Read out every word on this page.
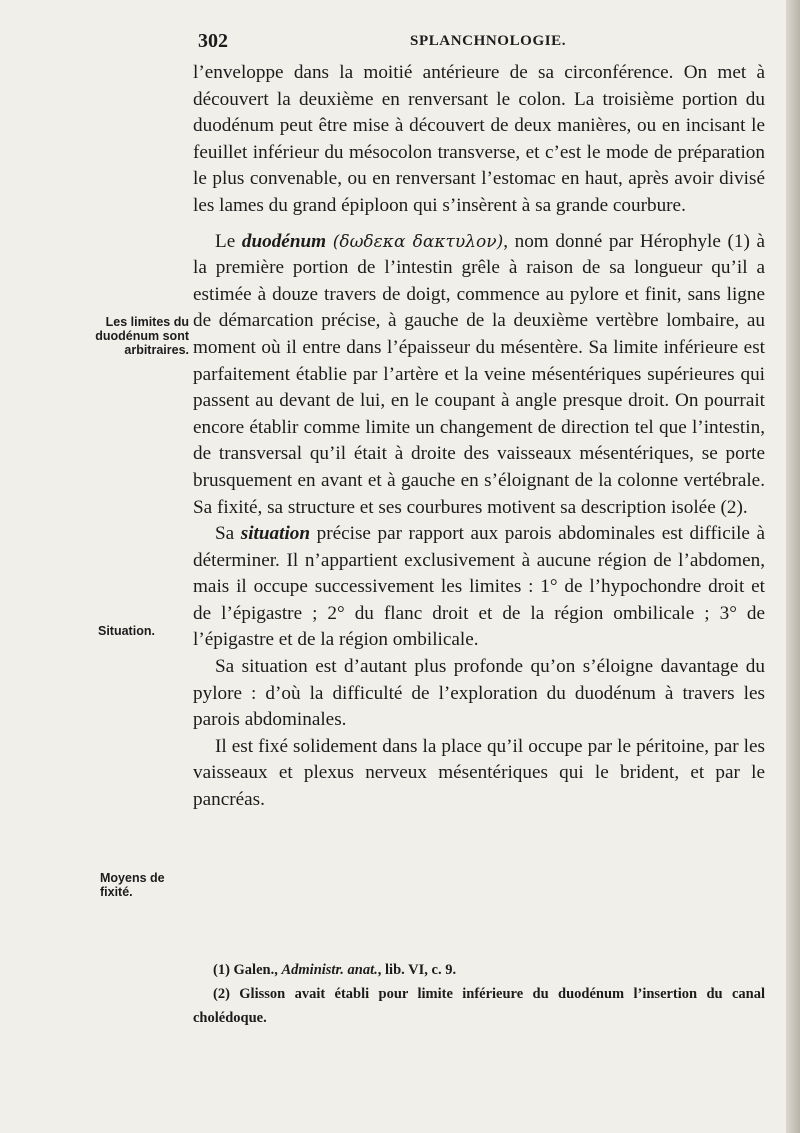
302	SPLANCHNOLOGIE.

l’enveloppe dans la moitié antérieure de sa circonférence. On met à découvert la deuxième en renversant le colon. La troisième portion du duodénum peut être mise à découvert de deux manières, ou en incisant le feuillet inférieur du mésocolon transverse, et c’est le mode de préparation le plus convenable, ou en renversant l’estomac en haut, après avoir divisé les lames du grand épiploon qui s’insèrent à sa grande courbure.

Le duodénum (δωδεκα δακτυλον), nom donné par Hérophyle (1) à la première portion de l’intestin grêle à raison de sa longueur qu’il a estimée à douze travers de doigt, commence au pylore et finit, sans ligne de démarcation précise, à gauche de la deuxième vertèbre lombaire, au moment où il entre dans l’épaisseur du mésentère. Sa limite inférieure est parfaitement établie par l’artère et la veine mésentériques supérieures qui passent au devant de lui, en le coupant à angle presque droit. On pourrait encore établir comme limite un changement de direction tel que l’intestin, de transversal qu’il était à droite des vaisseaux mésentériques, se porte brusquement en avant et à gauche en s’éloignant de la colonne vertébrale. Sa fixité, sa structure et ses courbures motivent sa description isolée (2).

Sa situation précise par rapport aux parois abdominales est difficile à déterminer. Il n’appartient exclusivement à aucune région de l’abdomen, mais il occupe successivement les limites : 1° de l’hypochondre droit et de l’épigastre ; 2° du flanc droit et de la région ombilicale ; 3° de l’épigastre et de la région ombilicale.

Sa situation est d’autant plus profonde qu’on s’éloigne davantage du pylore : d’où la difficulté de l’exploration du duodénum à travers les parois abdominales.

Il est fixé solidement dans la place qu’il occupe par le péritoine, par les vaisseaux et plexus nerveux mésentériques qui le brident, et par le pancréas.

Les limites du duodénum sont arbitraires.
Situation.
Moyens de fixité.

(1) Galen., Administr. anat., lib. VI, c. 9.

(2) Glisson avait établi pour limite inférieure du duodénum l’insertion du canal cholédoque.
